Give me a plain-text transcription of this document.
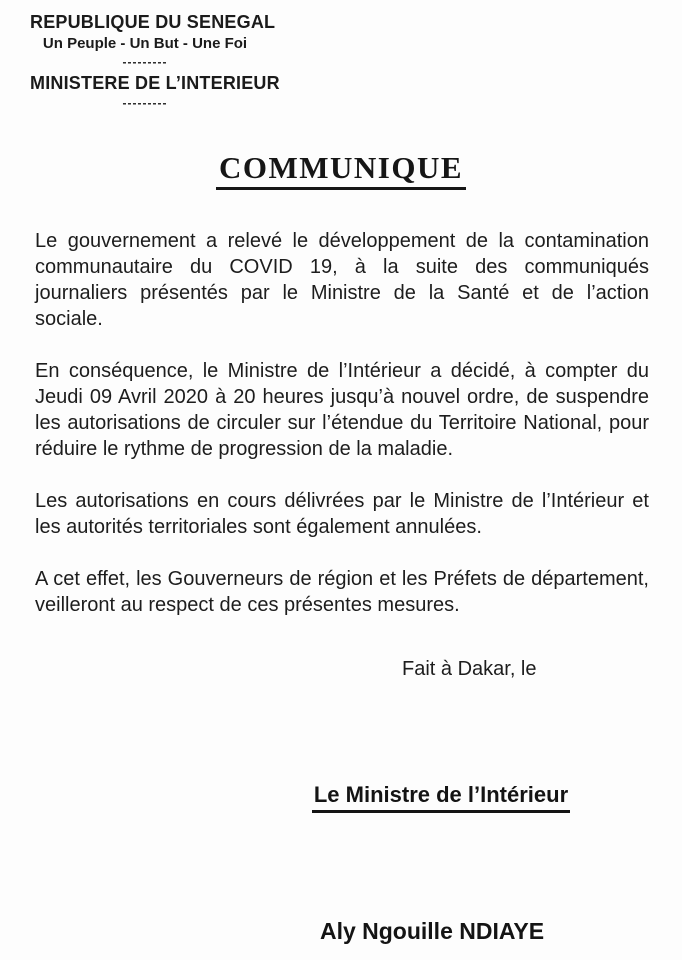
REPUBLIQUE DU SENEGAL
Un Peuple - Un But - Une Foi
---------
MINISTERE DE L’INTERIEUR
---------
COMMUNIQUE

Le gouvernement a relevé le développement de la contamination communautaire du COVID 19, à la suite des communiqués journaliers présentés par le Ministre de la Santé et de l’action sociale.

En conséquence, le Ministre de l’Intérieur a décidé, à compter du Jeudi 09 Avril 2020 à 20 heures jusqu’à nouvel ordre, de suspendre les autorisations de circuler sur l’étendue du Territoire National, pour réduire le rythme de progression de la maladie.

Les autorisations en cours délivrées par le Ministre de l’Intérieur et les autorités territoriales sont également annulées.

A cet effet, les Gouverneurs de région et les Préfets de département, veilleront au respect de ces présentes mesures.

Fait à Dakar, le
Le Ministre de l’Intérieur
Aly Ngouille NDIAYE
